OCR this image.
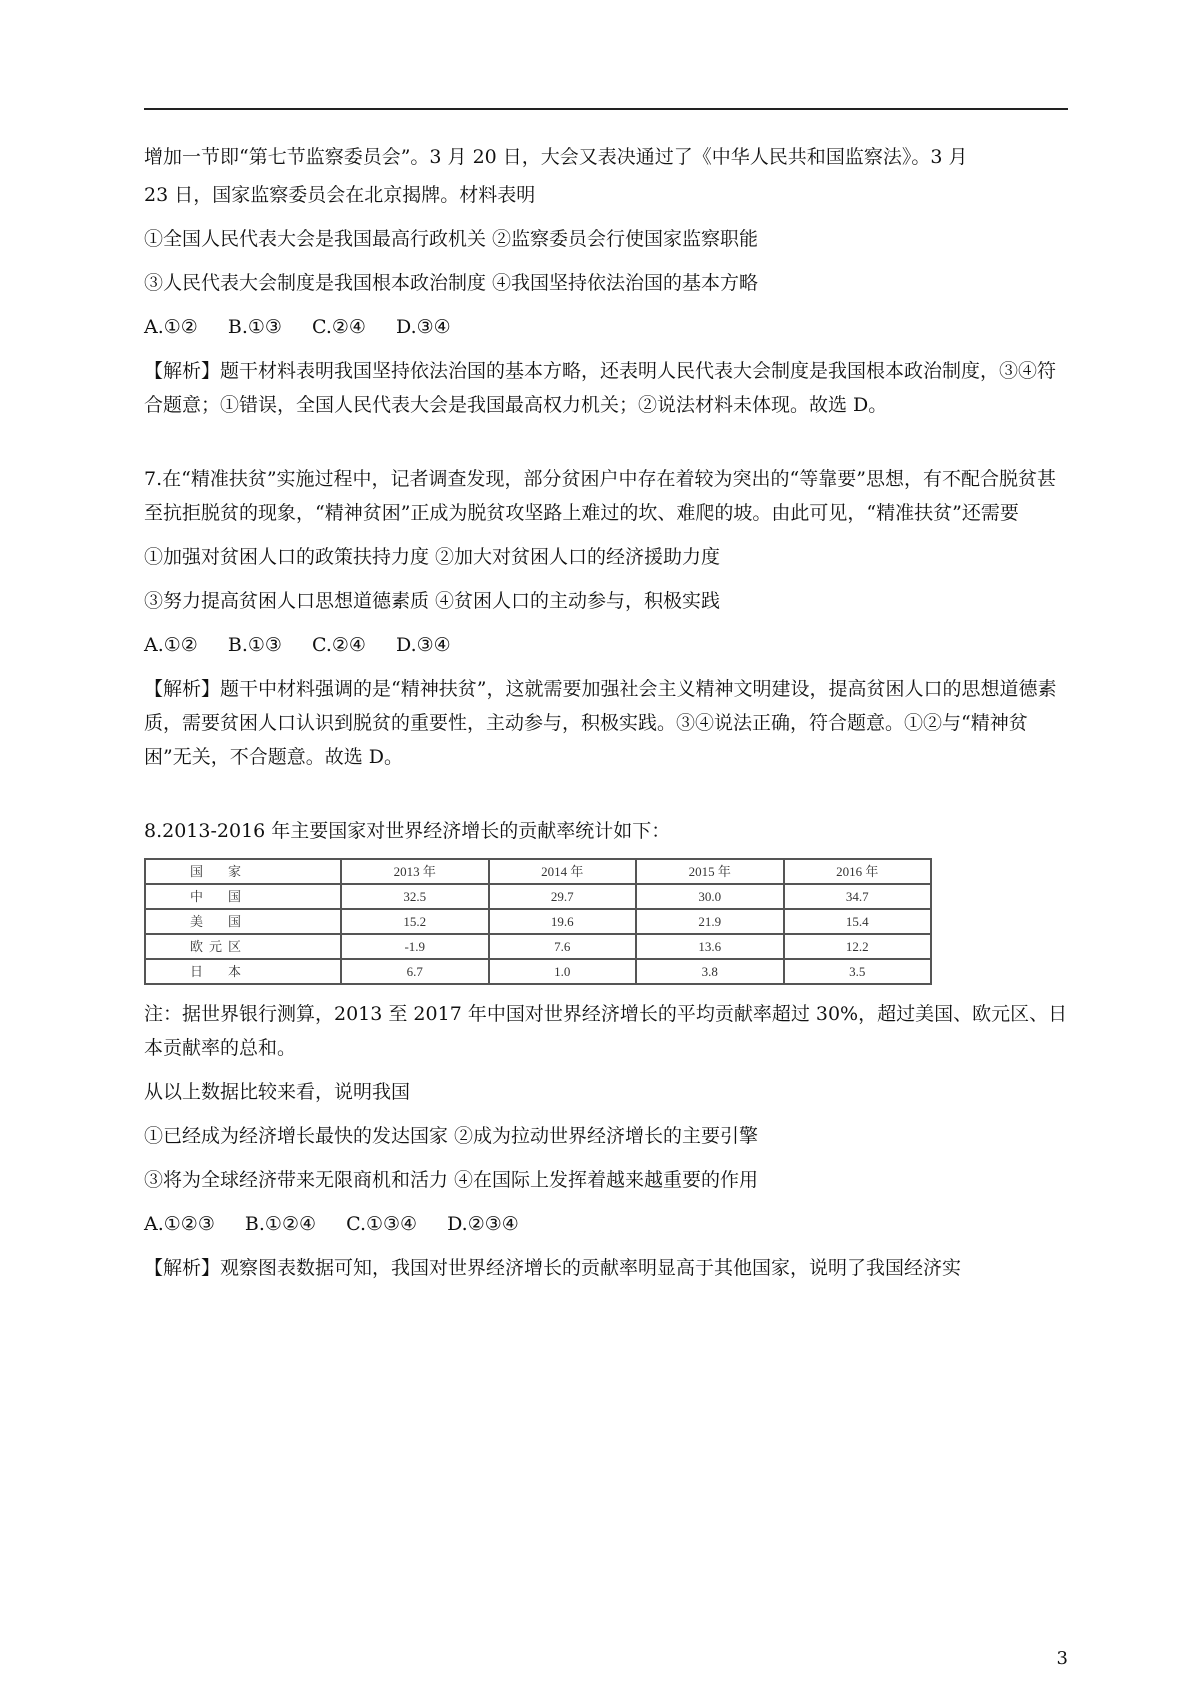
增加一节即“第七节监察委员会”。3 月 20 日，大会又表决通过了《中华人民共和国监察法》。3 月

23 日，国家监察委员会在北京揭牌。材料表明

①全国人民代表大会是我国最高行政机关 ②监察委员会行使国家监察职能

③人民代表大会制度是我国根本政治制度 ④我国坚持依法治国的基本方略

A.①② B.①③ C.②④ D.③④

【解析】题干材料表明我国坚持依法治国的基本方略，还表明人民代表大会制度是我国根本政治制度，③④符合题意；①错误，全国人民代表大会是我国最高权力机关；②说法材料未体现。故选 D。

7.在“精准扶贫”实施过程中，记者调查发现，部分贫困户中存在着较为突出的“等靠要”思想，有不配合脱贫甚至抗拒脱贫的现象，“精神贫困”正成为脱贫攻坚路上难过的坎、难爬的坡。由此可见，“精准扶贫”还需要

①加强对贫困人口的政策扶持力度 ②加大对贫困人口的经济援助力度

③努力提高贫困人口思想道德素质 ④贫困人口的主动参与，积极实践

A.①② B.①③ C.②④ D.③④

【解析】题干中材料强调的是“精神扶贫”，这就需要加强社会主义精神文明建设，提高贫困人口的思想道德素质，需要贫困人口认识到脱贫的重要性，主动参与，积极实践。③④说法正确，符合题意。①②与“精神贫困”无关，不合题意。故选 D。

8.2013-2016 年主要国家对世界经济增长的贡献率统计如下：

国　家	2013 年	2014 年	2015 年	2016 年
中　国	32.5	29.7	30.0	34.7
美　国	15.2	19.6	21.9	15.4
欧元区	-1.9	7.6	13.6	12.2
日　本	6.7	1.0	3.8	3.5

注：据世界银行测算，2013 至 2017 年中国对世界经济增长的平均贡献率超过 30%，超过美国、欧元区、日本贡献率的总和。

从以上数据比较来看，说明我国

①已经成为经济增长最快的发达国家 ②成为拉动世界经济增长的主要引擎

③将为全球经济带来无限商机和活力 ④在国际上发挥着越来越重要的作用

A.①②③ B.①②④ C.①③④ D.②③④

【解析】观察图表数据可知，我国对世界经济增长的贡献率明显高于其他国家，说明了我国经济实

3
